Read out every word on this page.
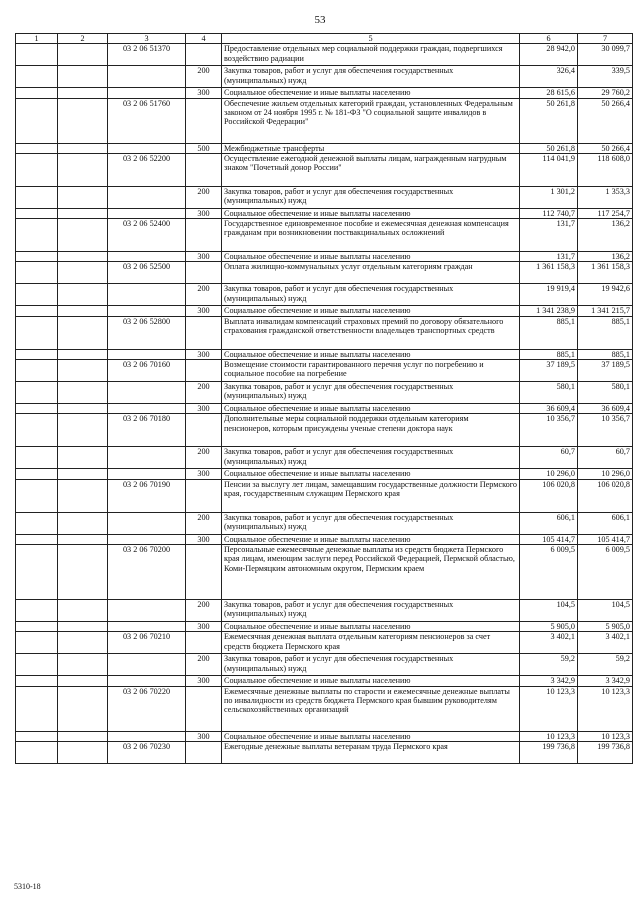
53
1	2	3	4	5	6	7
		03 2 06 51370		Предоставление отдельных мер социальной поддержки граждан, подвергшихся воздействию радиации	28 942,0	30 099,7
			200	Закупка товаров, работ и услуг для обеспечения государственных (муниципальных) нужд	326,4	339,5
			300	Социальное обеспечение и иные выплаты населению	28 615,6	29 760,2
		03 2 06 51760		Обеспечение жильем отдельных категорий граждан, установленных Федеральным законом от 24 ноября 1995 г. № 181-ФЗ "О социальной защите инвалидов в Российской Федерации"	50 261,8	50 266,4
			500	Межбюджетные трансферты	50 261,8	50 266,4
		03 2 06 52200		Осуществление ежегодной денежной выплаты лицам, награжденным нагрудным знаком "Почетный донор России"	114 041,9	118 608,0
			200	Закупка товаров, работ и услуг для обеспечения государственных (муниципальных) нужд	1 301,2	1 353,3
			300	Социальное обеспечение и иные выплаты населению	112 740,7	117 254,7
		03 2 06 52400		Государственное единовременное пособие и ежемесячная денежная компенсация гражданам при возникновении поствакцинальных осложнений	131,7	136,2
			300	Социальное обеспечение и иные выплаты населению	131,7	136,2
		03 2 06 52500		Оплата жилищно-коммунальных услуг отдельным категориям граждан	1 361 158,3	1 361 158,3
			200	Закупка товаров, работ и услуг для обеспечения государственных (муниципальных) нужд	19 919,4	19 942,6
			300	Социальное обеспечение и иные выплаты населению	1 341 238,9	1 341 215,7
		03 2 06 52800		Выплата инвалидам компенсаций страховых премий по договору обязательного страхования гражданской ответственности владельцев транспортных средств	885,1	885,1
			300	Социальное обеспечение и иные выплаты населению	885,1	885,1
		03 2 06 70160		Возмещение стоимости гарантированного перечня услуг по погребению и социальное пособие на погребение	37 189,5	37 189,5
			200	Закупка товаров, работ и услуг для обеспечения государственных (муниципальных) нужд	580,1	580,1
			300	Социальное обеспечение и иные выплаты населению	36 609,4	36 609,4
		03 2 06 70180		Дополнительные меры социальной поддержки отдельным категориям пенсионеров, которым присуждены ученые степени доктора наук	10 356,7	10 356,7
			200	Закупка товаров, работ и услуг для обеспечения государственных (муниципальных) нужд	60,7	60,7
			300	Социальное обеспечение и иные выплаты населению	10 296,0	10 296,0
		03 2 06 70190		Пенсии за выслугу лет лицам, замещавшим государственные должности Пермского края, государственным служащим Пермского края	106 020,8	106 020,8
			200	Закупка товаров, работ и услуг для обеспечения государственных (муниципальных) нужд	606,1	606,1
			300	Социальное обеспечение и иные выплаты населению	105 414,7	105 414,7
		03 2 06 70200		Персональные ежемесячные денежные выплаты из средств бюджета Пермского края лицам, имеющим заслуги перед Российской Федерацией, Пермской областью, Коми-Пермяцким автономным округом, Пермским краем	6 009,5	6 009,5
			200	Закупка товаров, работ и услуг для обеспечения государственных (муниципальных) нужд	104,5	104,5
			300	Социальное обеспечение и иные выплаты населению	5 905,0	5 905,0
		03 2 06 70210		Ежемесячная денежная выплата отдельным категориям пенсионеров за счет средств бюджета Пермского края	3 402,1	3 402,1
			200	Закупка товаров, работ и услуг для обеспечения государственных (муниципальных) нужд	59,2	59,2
			300	Социальное обеспечение и иные выплаты населению	3 342,9	3 342,9
		03 2 06 70220		Ежемесячные денежные выплаты по старости и ежемесячные денежные выплаты по инвалидности из средств бюджета Пермского края бывшим руководителям сельскохозяйственных организаций	10 123,3	10 123,3
			300	Социальное обеспечение и иные выплаты населению	10 123,3	10 123,3
		03 2 06 70230		Ежегодные денежные выплаты ветеранам труда Пермского края	199 736,8	199 736,8
5310-18
